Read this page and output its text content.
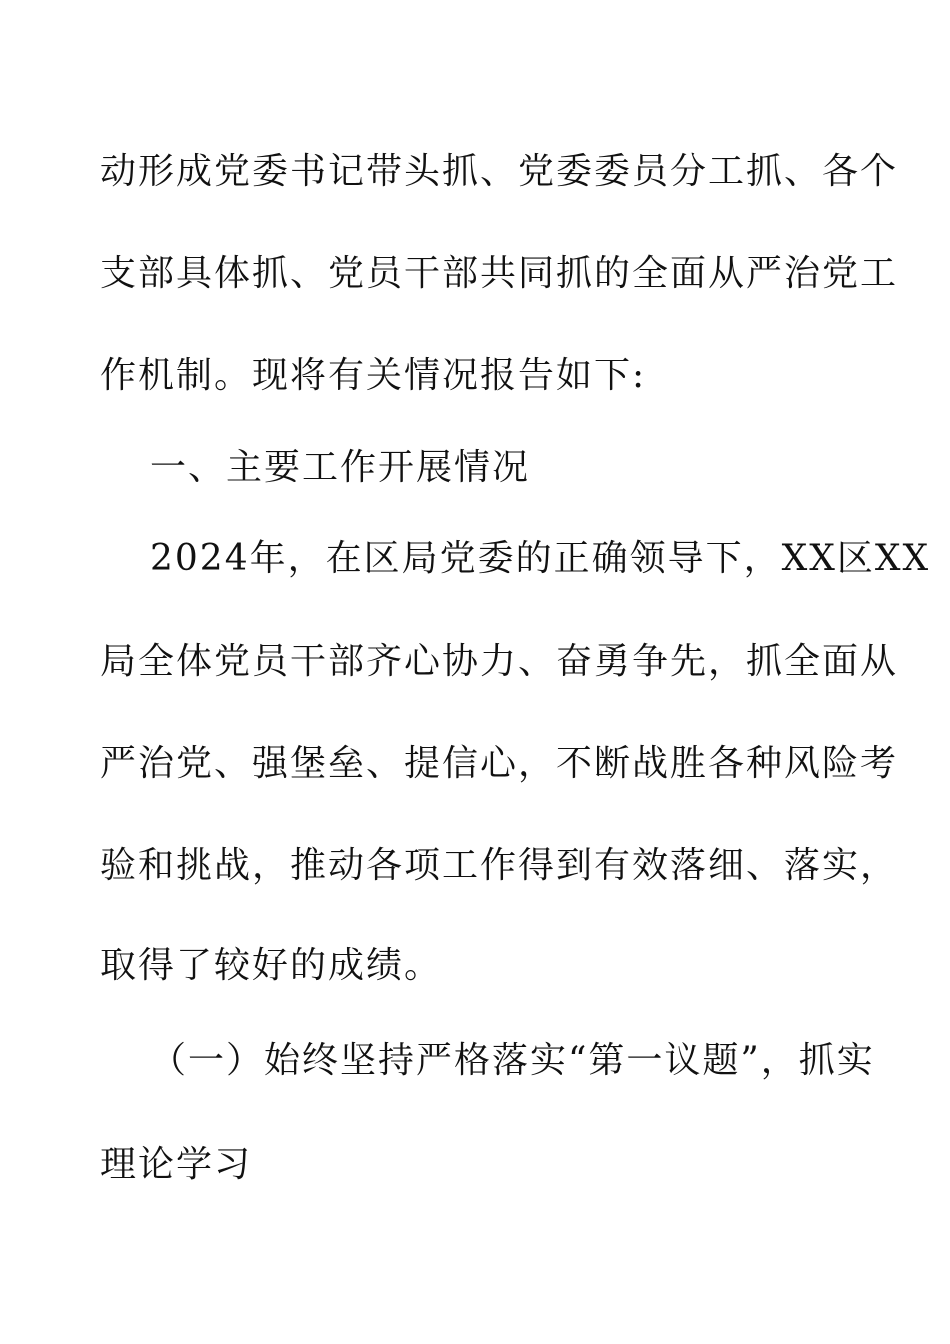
动形成党委书记带头抓、党委委员分工抓、各个
支部具体抓、党员干部共同抓的全面从严治党工
作机制。现将有关情况报告如下:
一、主要工作开展情况
2024年，在区局党委的正确领导下，XX区XX
局全体党员干部齐心协力、奋勇争先，抓全面从
严治党、强堡垒、提信心，不断战胜各种风险考
验和挑战，推动各项工作得到有效落细、落实，
取得了较好的成绩。
（一）始终坚持严格落实“第一议题”，抓实
理论学习
